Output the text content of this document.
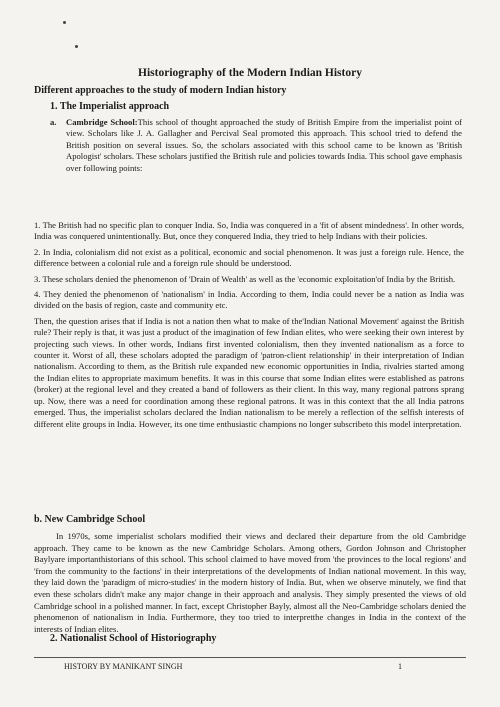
Historiography of the Modern Indian History
Different approaches to the study of modern Indian history
1. The Imperialist approach
a. Cambridge School:This school of thought approached the study of British Empire from the imperialist point of view. Scholars like J. A. Gallagher and Percival Seal promoted this approach. This school tried to defend the British position on several issues. So, the scholars associated with this school came to be known as 'British Apologist' scholars. These scholars justified the British rule and policies towards India. This school gave emphasis over following points:

1. The British had no specific plan to conquer India. So, India was conquered in a 'fit of absent mindedness'. In other words, India was conquered unintentionally. But, once they conquered India, they tried to help Indians with their policies.

2. In India, colonialism did not exist as a political, economic and social phenomenon. It was just a foreign rule. Hence, the difference between a colonial rule and a foreign rule should be understood.

3. These scholars denied the phenomenon of 'Drain of Wealth' as well as the 'economic exploitation'of India by the British.

4. They denied the phenomenon of 'nationalism' in India. According to them, India could never be a nation as India was divided on the basis of region, caste and community etc.

Then, the question arises that if India is not a nation then what to make of the'Indian National Movement' against the British rule? Their reply is that, it was just a product of the imagination of few Indian elites, who were seeking their own interest by projecting such views. In other words, Indians first invented colonialism, then they invented nationalism as a force to counter it. Worst of all, these scholars adopted the paradigm of 'patron-client relationship' in their interpretation of Indian nationalism. According to them, as the British rule expanded new economic opportunities in India, rivalries started among the Indian elites to appropriate maximum benefits. It was in this course that some Indian elites were established as patrons (broker) at the regional level and they created a band of followers as their client. In this way, many regional patrons sprang up. Now, there was a need for coordination among these regional patrons. It was in this context that the all India patrons emerged. Thus, the imperialist scholars declared the Indian nationalism to be merely a reflection of the selfish interests of different elite groups in India. However, its one time enthusiastic champions no longer subscribeto this model interpretation.

b. New Cambridge School

In 1970s, some imperialist scholars modified their views and declared their departure from the old Cambridge approach. They came to be known as the new Cambridge Scholars. Among others, Gordon Johnson and Christopher Baylyare importanthistorians of this school. This school claimed to have moved from 'the provinces to the local regions' and 'from the community to the factions' in their interpretations of the developments of Indian national movement. In this way, they laid down the 'paradigm of micro-studies' in the modern history of India. But, when we observe minutely, we find that even these scholars didn't make any major change in their approach and analysis. They simply presented the views of old Cambridge school in a polished manner. In fact, except Christopher Bayly, almost all the Neo-Cambridge scholars denied the phenomenon of nationalism in India. Furthermore, they too tried to interpretthe changes in India in the context of the interests of Indian elites.

2. Nationalist School of Historiography
HISTORY BY MANIKANT SINGH	1
